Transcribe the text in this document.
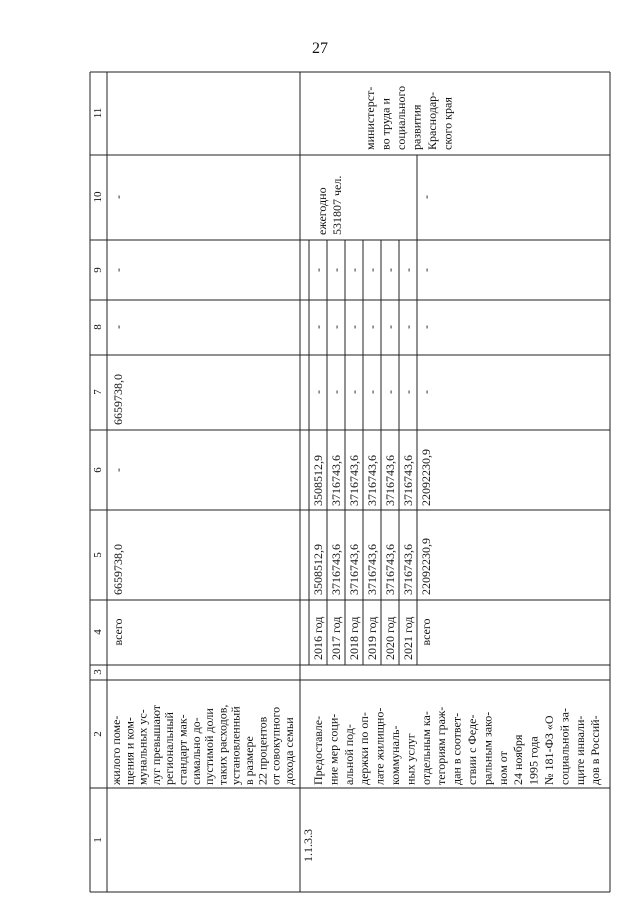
27
1
2
3
4
5
6
7
8
9
10
11
жилого поме- щения и ком- мунальных ус- луг превышают региональный стандарт мак- симально до- пустимой доли таких расходов, установленный в размере 22 процентов от совокупного дохода семьи
всего
6659738,0
-
6659738,0
-
-
-
1.1.3.3
Предоставле- ние мер соци- альной под- держки по оп- лате жилищно- коммуналь- ных услуг отдельным ка- тегориям граж- дан в соответ- ствии с Феде- ральным зако- ном от 24 ноября 1995 года № 181-ФЗ «О социальной за- щите инвали- дов в Россий-
2016 год
3508512,9
3508512,9
-
-
-
2017 год
3716743,6
3716743,6
-
-
-
2018 год
3716743,6
3716743,6
-
-
-
2019 год
3716743,6
3716743,6
-
-
-
2020 год
3716743,6
3716743,6
-
-
-
2021 год
3716743,6
3716743,6
-
-
-
всего
22092230,9
22092230,9
-
-
-
-
ежегодно 531807 чел.
министерст- во труда и социального развития Краснодар- ского края
